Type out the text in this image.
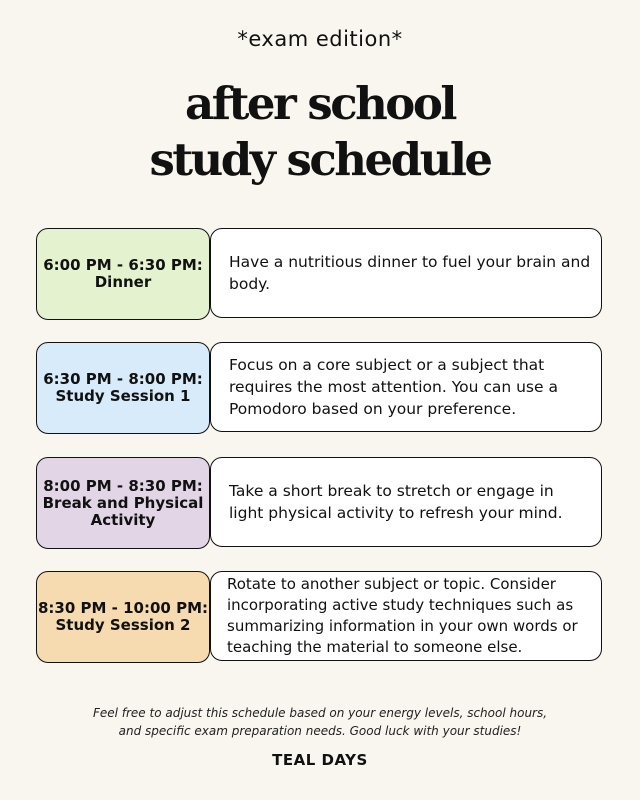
*exam edition*
after school
study schedule
6:00 PM - 6:30 PM:
Dinner
Have a nutritious dinner to fuel your brain and body.
6:30 PM - 8:00 PM:
Study Session 1
Focus on a core subject or a subject that requires the most attention. You can use a Pomodoro based on your preference.
8:00 PM - 8:30 PM:
Break and Physical Activity
Take a short break to stretch or engage in light physical activity to refresh your mind.
8:30 PM - 10:00 PM:
Study Session 2
Rotate to another subject or topic. Consider incorporating active study techniques such as summarizing information in your own words or teaching the material to someone else.
Feel free to adjust this schedule based on your energy levels, school hours,
and specific exam preparation needs. Good luck with your studies!
TEAL DAYS
